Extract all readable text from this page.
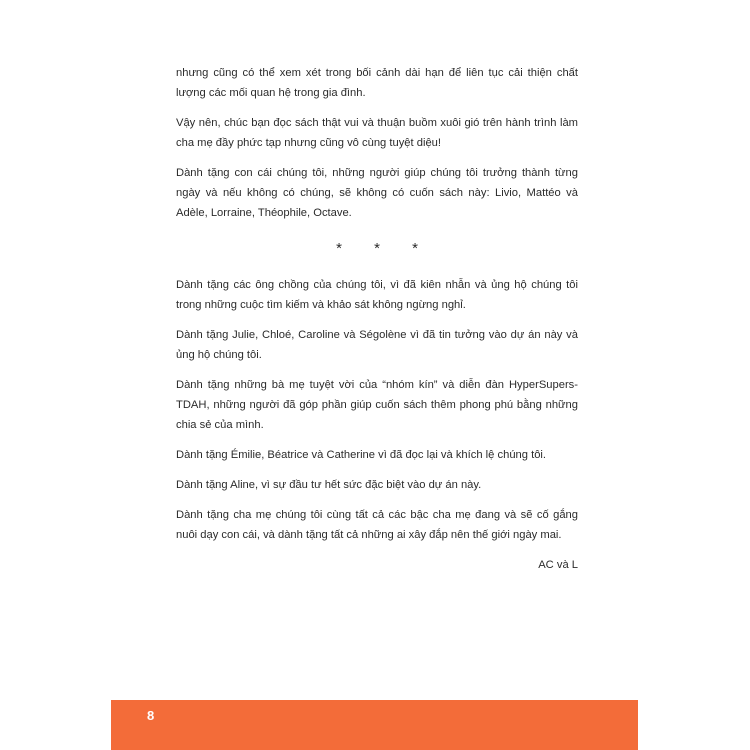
nhưng cũng có thể xem xét trong bối cảnh dài hạn để liên tục cải thiện chất lượng các mối quan hệ trong gia đình.

Vậy nên, chúc bạn đọc sách thật vui và thuận buồm xuôi gió trên hành trình làm cha mẹ đầy phức tạp nhưng cũng vô cùng tuyệt diệu!

Dành tặng con cái chúng tôi, những người giúp chúng tôi trưởng thành từng ngày và nếu không có chúng, sẽ không có cuốn sách này: Livio, Mattéo và Adèle, Lorraine, Théophile, Octave.

* * *

Dành tặng các ông chồng của chúng tôi, vì đã kiên nhẫn và ủng hộ chúng tôi trong những cuộc tìm kiếm và khảo sát không ngừng nghỉ.

Dành tặng Julie, Chloé, Caroline và Ségolène vì đã tin tưởng vào dự án này và ủng hộ chúng tôi.

Dành tặng những bà mẹ tuyệt vời của “nhóm kín” và diễn đàn HyperSupers-TDAH, những người đã góp phần giúp cuốn sách thêm phong phú bằng những chia sẻ của mình.

Dành tặng Émilie, Béatrice và Catherine vì đã đọc lại và khích lệ chúng tôi.

Dành tặng Aline, vì sự đầu tư hết sức đặc biệt vào dự án này.

Dành tặng cha mẹ chúng tôi cùng tất cả các bậc cha mẹ đang và sẽ cố gắng nuôi dạy con cái, và dành tặng tất cả những ai xây đắp nên thế giới ngày mai.

AC và L

8
